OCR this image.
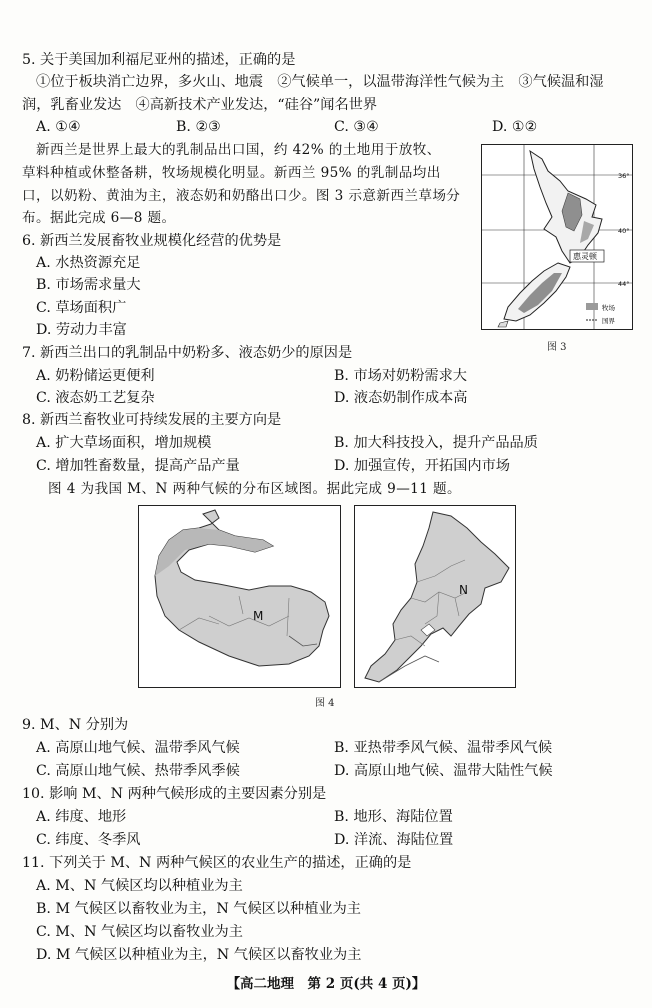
5. 关于美国加利福尼亚州的描述，正确的是
①位于板块消亡边界，多火山、地震　②气候单一，以温带海洋性气候为主　③气候温和湿
润，乳畜业发达　④高新技术产业发达，“硅谷”闻名世界
A. ①④	B. ②③	C. ③④	D. ①②
新西兰是世界上最大的乳制品出口国，约 42% 的土地用于放牧、
草料种植或休整备耕，牧场规模化明显。新西兰 95% 的乳制品均出
口，以奶粉、黄油为主，液态奶和奶酪出口少。图 3 示意新西兰草场分
布。据此完成 6—8 题。
惠灵顿
36°
40°
44°
牧场
国界
图 3
6. 新西兰发展畜牧业规模化经营的优势是
A. 水热资源充足
B. 市场需求量大
C. 草场面积广
D. 劳动力丰富
7. 新西兰出口的乳制品中奶粉多、液态奶少的原因是
A. 奶粉储运更便利	B. 市场对奶粉需求大
C. 液态奶工艺复杂	D. 液态奶制作成本高
8. 新西兰畜牧业可持续发展的主要方向是
A. 扩大草场面积，增加规模	B. 加大科技投入，提升产品品质
C. 增加牲畜数量，提高产品产量	D. 加强宣传，开拓国内市场
图 4 为我国 M、N 两种气候的分布区域图。据此完成 9—11 题。
M
N
图 4
9. M、N 分别为
A. 高原山地气候、温带季风气候	B. 亚热带季风气候、温带季风气候
C. 高原山地气候、热带季风季候	D. 高原山地气候、温带大陆性气候
10. 影响 M、N 两种气候形成的主要因素分别是
A. 纬度、地形	B. 地形、海陆位置
C. 纬度、冬季风	D. 洋流、海陆位置
11. 下列关于 M、N 两种气候区的农业生产的描述，正确的是
A. M、N 气候区均以种植业为主
B. M 气候区以畜牧业为主，N 气候区以种植业为主
C. M、N 气候区均以畜牧业为主
D. M 气候区以种植业为主，N 气候区以畜牧业为主
【高二地理　第 2 页(共 4 页)】
